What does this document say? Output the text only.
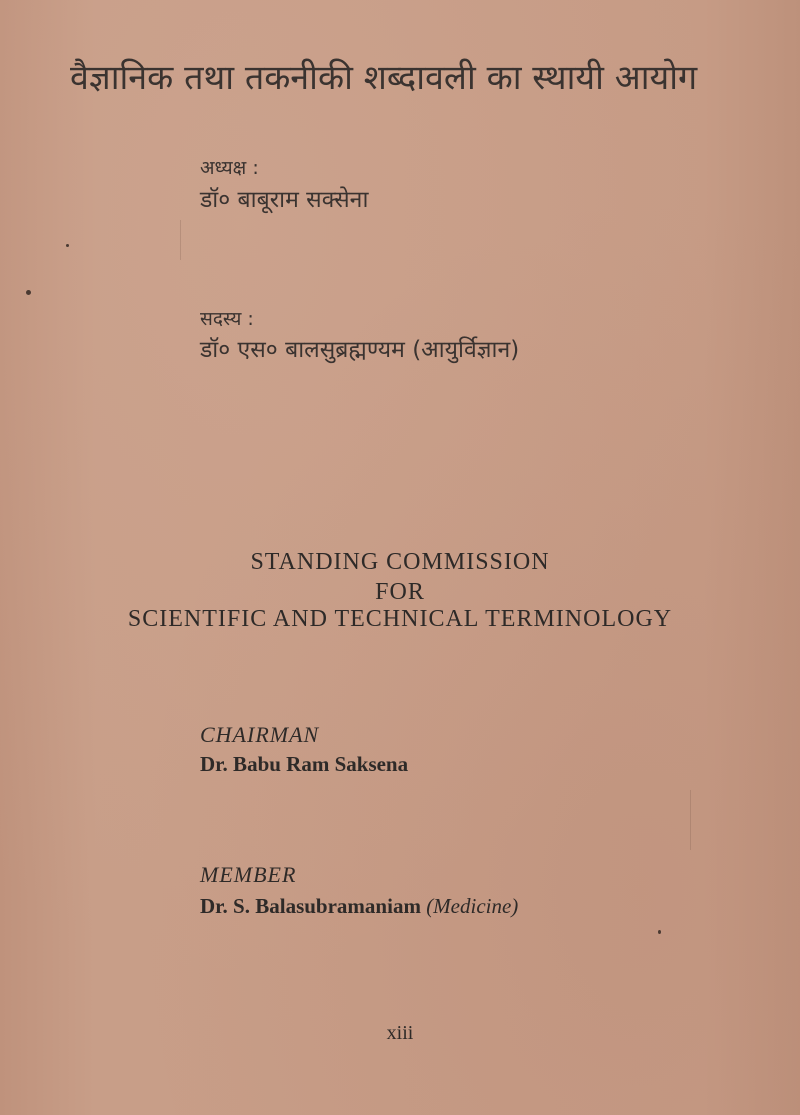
वैज्ञानिक तथा तकनीकी शब्दावली का स्थायी आयोग
अध्यक्ष :
डॉ० बाबूराम सक्सेना
सदस्य :
डॉ० एस० बालसुब्रह्मण्यम (आयुर्विज्ञान)
STANDING COMMISSION
FOR
SCIENTIFIC AND TECHNICAL TERMINOLOGY
CHAIRMAN
Dr. Babu Ram Saksena
MEMBER
Dr. S. Balasubramaniam (Medicine)
xiii
